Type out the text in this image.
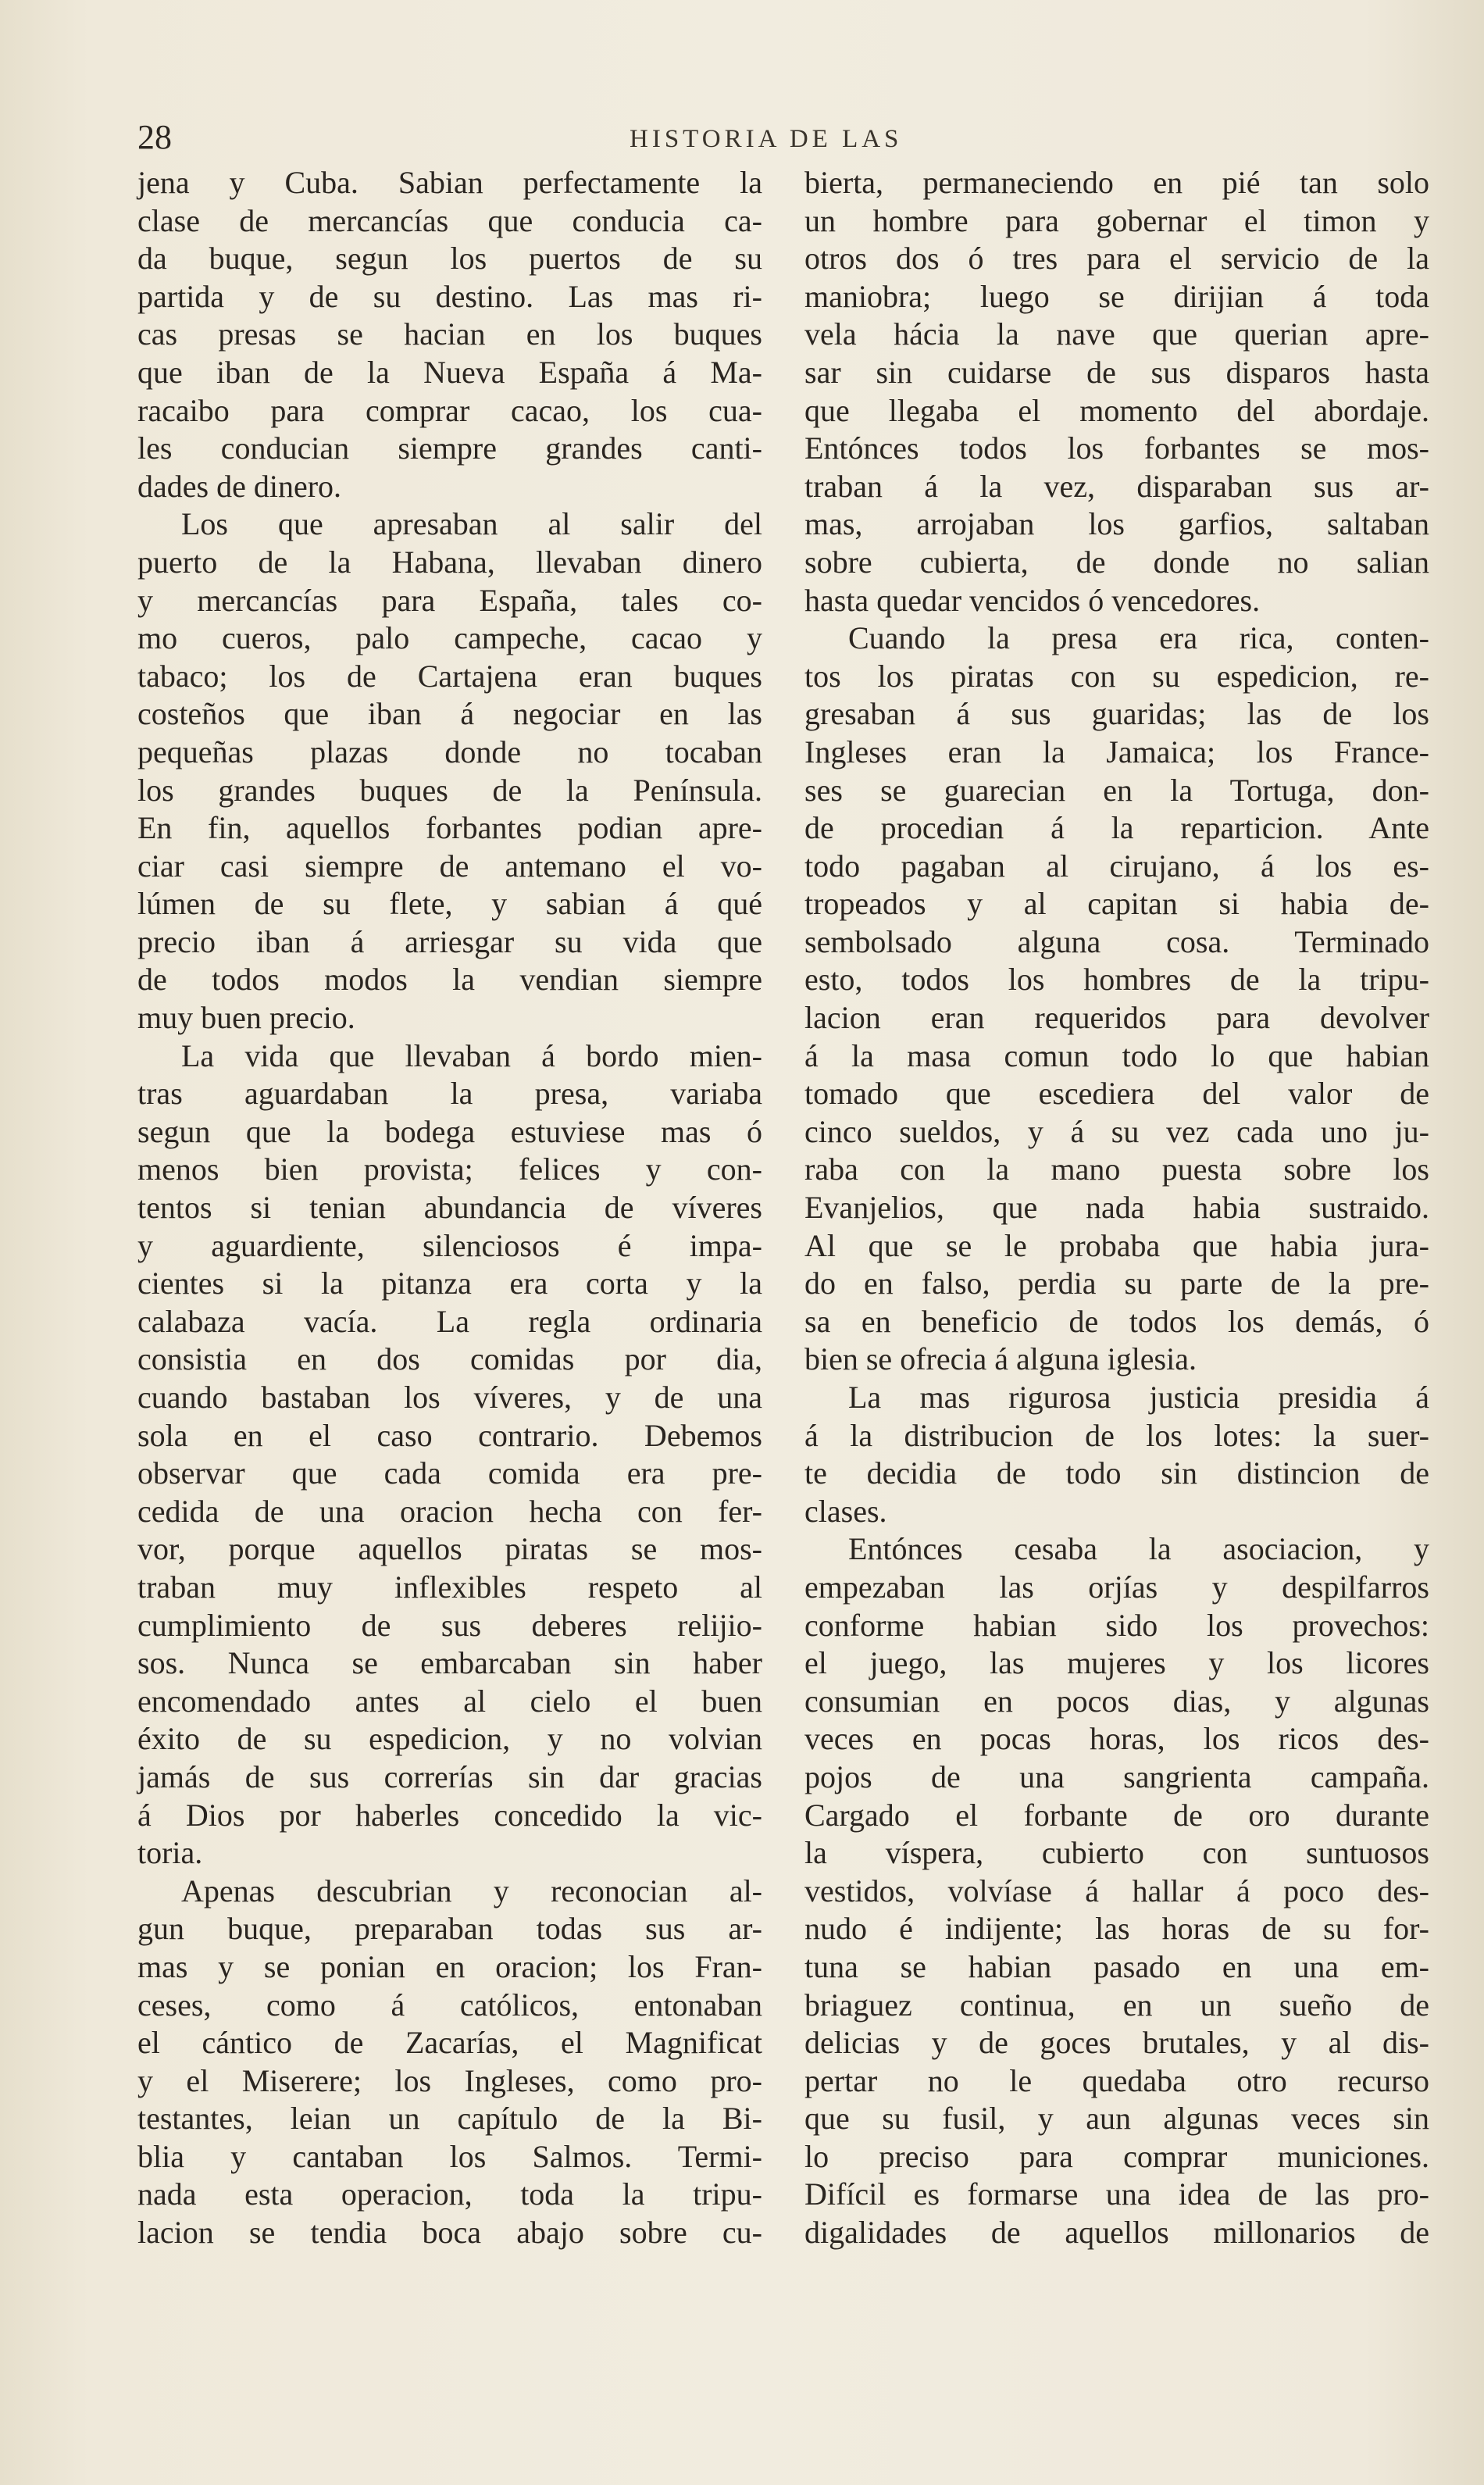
28	HISTORIA DE LAS
jena y Cuba. Sabian perfectamente la
clase de mercancías que conducia ca-
da buque, segun los puertos de su
partida y de su destino. Las mas ri-
cas presas se hacian en los buques
que iban de la Nueva España á Ma-
racaibo para comprar cacao, los cua-
les conducian siempre grandes canti-
dades de dinero.
Los que apresaban al salir del
puerto de la Habana, llevaban dinero
y mercancías para España, tales co-
mo cueros, palo campeche, cacao y
tabaco; los de Cartajena eran buques
costeños que iban á negociar en las
pequeñas plazas donde no tocaban
los grandes buques de la Península.
En fin, aquellos forbantes podian apre-
ciar casi siempre de antemano el vo-
lúmen de su flete, y sabian á qué
precio iban á arriesgar su vida que
de todos modos la vendian siempre
muy buen precio.
La vida que llevaban á bordo mien-
tras aguardaban la presa, variaba
segun que la bodega estuviese mas ó
menos bien provista; felices y con-
tentos si tenian abundancia de víveres
y aguardiente, silenciosos é impa-
cientes si la pitanza era corta y la
calabaza vacía. La regla ordinaria
consistia en dos comidas por dia,
cuando bastaban los víveres, y de una
sola en el caso contrario. Debemos
observar que cada comida era pre-
cedida de una oracion hecha con fer-
vor, porque aquellos piratas se mos-
traban muy inflexibles respeto al
cumplimiento de sus deberes relijio-
sos. Nunca se embarcaban sin haber
encomendado antes al cielo el buen
éxito de su espedicion, y no volvian
jamás de sus correrías sin dar gracias
á Dios por haberles concedido la vic-
toria.
Apenas descubrian y reconocian al-
gun buque, preparaban todas sus ar-
mas y se ponian en oracion; los Fran-
ceses, como á católicos, entonaban
el cántico de Zacarías, el Magnificat
y el Miserere; los Ingleses, como pro-
testantes, leian un capítulo de la Bi-
blia y cantaban los Salmos. Termi-
nada esta operacion, toda la tripu-
lacion se tendia boca abajo sobre cu-
bierta, permaneciendo en pié tan solo
un hombre para gobernar el timon y
otros dos ó tres para el servicio de la
maniobra; luego se dirijian á toda
vela hácia la nave que querian apre-
sar sin cuidarse de sus disparos hasta
que llegaba el momento del abordaje.
Entónces todos los forbantes se mos-
traban á la vez, disparaban sus ar-
mas, arrojaban los garfios, saltaban
sobre cubierta, de donde no salian
hasta quedar vencidos ó vencedores.
Cuando la presa era rica, conten-
tos los piratas con su espedicion, re-
gresaban á sus guaridas; las de los
Ingleses eran la Jamaica; los France-
ses se guarecian en la Tortuga, don-
de procedian á la reparticion. Ante
todo pagaban al cirujano, á los es-
tropeados y al capitan si habia de-
sembolsado alguna cosa. Terminado
esto, todos los hombres de la tripu-
lacion eran requeridos para devolver
á la masa comun todo lo que habian
tomado que escediera del valor de
cinco sueldos, y á su vez cada uno ju-
raba con la mano puesta sobre los
Evanjelios, que nada habia sustraido.
Al que se le probaba que habia jura-
do en falso, perdia su parte de la pre-
sa en beneficio de todos los demás, ó
bien se ofrecia á alguna iglesia.
La mas rigurosa justicia presidia á
á la distribucion de los lotes: la suer-
te decidia de todo sin distincion de
clases.
Entónces cesaba la asociacion, y
empezaban las orjías y despilfarros
conforme habian sido los provechos:
el juego, las mujeres y los licores
consumian en pocos dias, y algunas
veces en pocas horas, los ricos des-
pojos de una sangrienta campaña.
Cargado el forbante de oro durante
la víspera, cubierto con suntuosos
vestidos, volvíase á hallar á poco des-
nudo é indijente; las horas de su for-
tuna se habian pasado en una em-
briaguez continua, en un sueño de
delicias y de goces brutales, y al dis-
pertar no le quedaba otro recurso
que su fusil, y aun algunas veces sin
lo preciso para comprar municiones.
Difícil es formarse una idea de las pro-
digalidades de aquellos millonarios de
